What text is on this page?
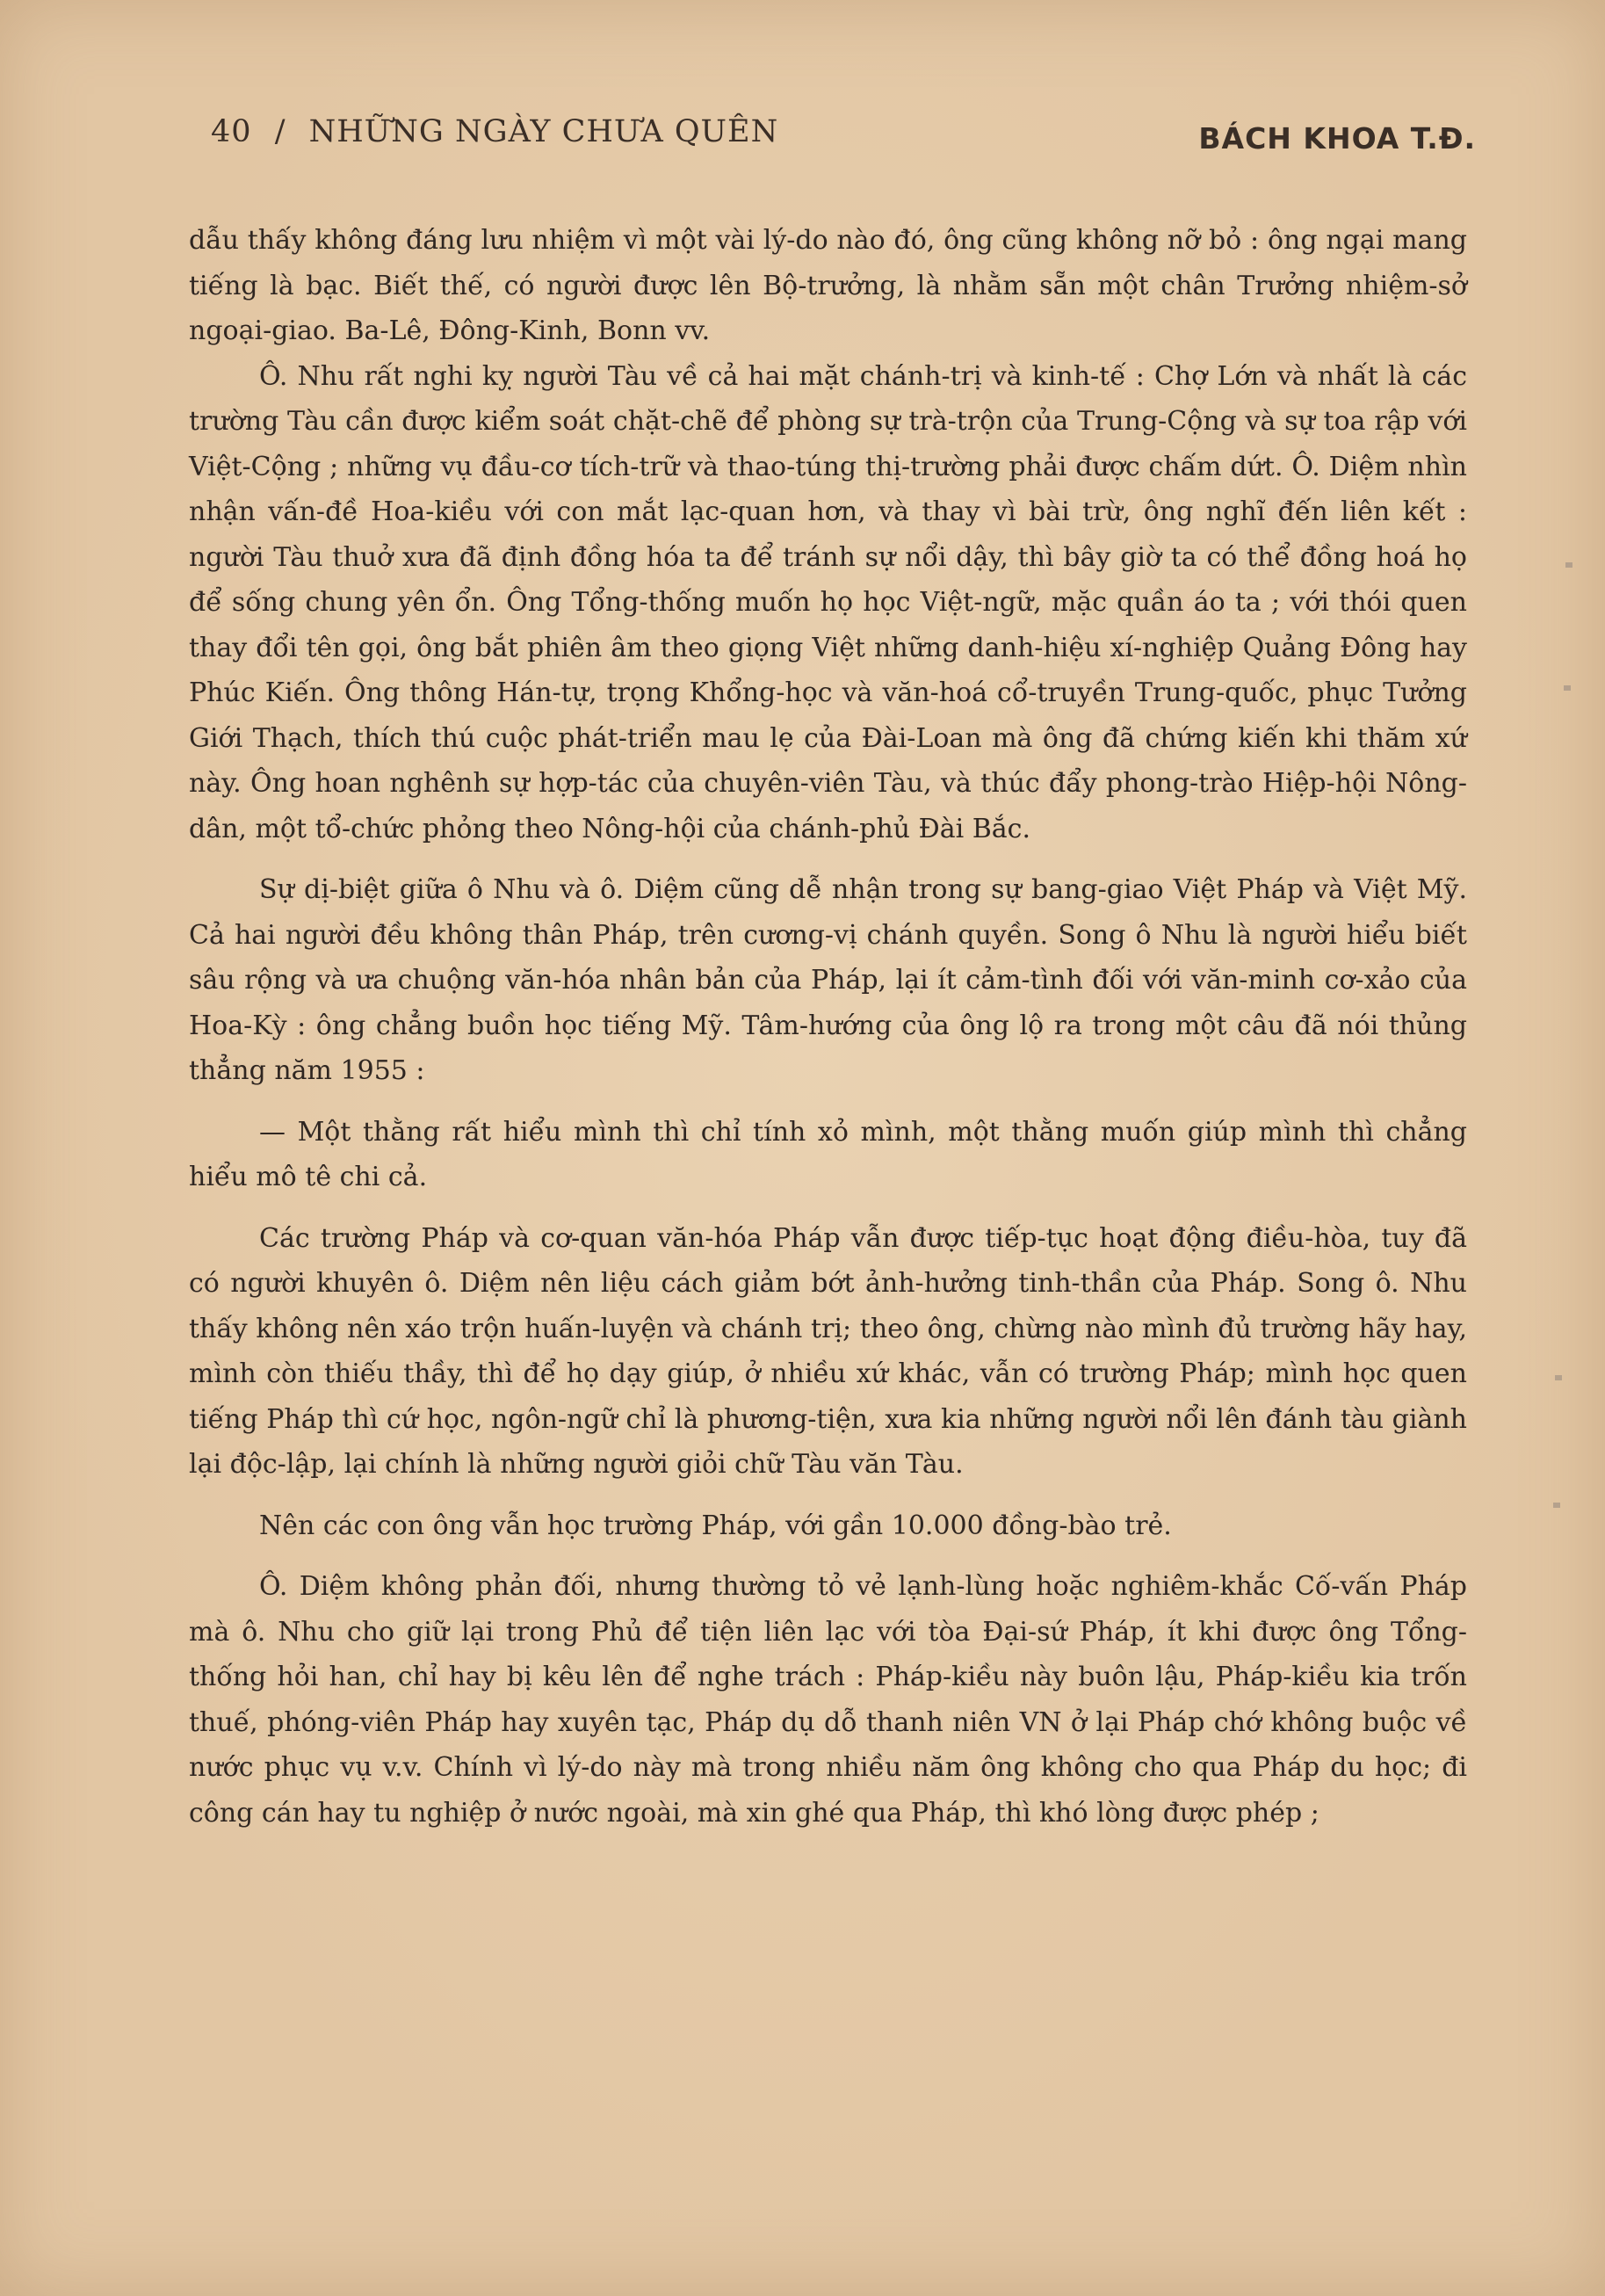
40 / NHỮNG NGÀY CHƯA QUÊN	BÁCH KHOA T.Đ.

dẫu thấy không đáng lưu nhiệm vì một vài lý-do nào đó, ông cũng không nỡ bỏ : ông ngại mang tiếng là bạc. Biết thế, có người được lên Bộ-trưởng, là nhằm sẵn một chân Trưởng nhiệm-sở ngoại-giao. Ba-Lê, Đông-Kinh, Bonn vv.

Ô. Nhu rất nghi kỵ người Tàu về cả hai mặt chánh-trị và kinh-tế : Chợ Lớn và nhất là các trường Tàu cần được kiểm soát chặt-chẽ để phòng sự trà-trộn của Trung-Cộng và sự toa rập với Việt-Cộng ; những vụ đầu-cơ tích-trữ và thao-túng thị-trường phải được chấm dứt. Ô. Diệm nhìn nhận vấn-đề Hoa-kiều với con mắt lạc-quan hơn, và thay vì bài trừ, ông nghĩ đến liên kết : người Tàu thuở xưa đã định đồng hóa ta để tránh sự nổi dậy, thì bây giờ ta có thể đồng hoá họ để sống chung yên ổn. Ông Tổng-thống muốn họ học Việt-ngữ, mặc quần áo ta ; với thói quen thay đổi tên gọi, ông bắt phiên âm theo giọng Việt những danh-hiệu xí-nghiệp Quảng Đông hay Phúc Kiến. Ông thông Hán-tự, trọng Khổng-học và văn-hoá cổ-truyền Trung-quốc, phục Tưởng Giới Thạch, thích thú cuộc phát-triển mau lẹ của Đài-Loan mà ông đã chứng kiến khi thăm xứ này. Ông hoan nghênh sự hợp-tác của chuyên-viên Tàu, và thúc đẩy phong-trào Hiệp-hội Nông-dân, một tổ-chức phỏng theo Nông-hội của chánh-phủ Đài Bắc.

Sự dị-biệt giữa ô Nhu và ô. Diệm cũng dễ nhận trong sự bang-giao Việt Pháp và Việt Mỹ. Cả hai người đều không thân Pháp, trên cương-vị chánh quyền. Song ô Nhu là người hiểu biết sâu rộng và ưa chuộng văn-hóa nhân bản của Pháp, lại ít cảm-tình đối với văn-minh cơ-xảo của Hoa-Kỳ : ông chẳng buồn học tiếng Mỹ. Tâm-hướng của ông lộ ra trong một câu đã nói thủng thẳng năm 1955 :

— Một thằng rất hiểu mình thì chỉ tính xỏ mình, một thằng muốn giúp mình thì chẳng hiểu mô tê chi cả.

Các trường Pháp và cơ-quan văn-hóa Pháp vẫn được tiếp-tục hoạt động điều-hòa, tuy đã có người khuyên ô. Diệm nên liệu cách giảm bớt ảnh-hưởng tinh-thần của Pháp. Song ô. Nhu thấy không nên xáo trộn huấn-luyện và chánh trị; theo ông, chừng nào mình đủ trường hãy hay, mình còn thiếu thầy, thì để họ dạy giúp, ở nhiều xứ khác, vẫn có trường Pháp; mình học quen tiếng Pháp thì cứ học, ngôn-ngữ chỉ là phương-tiện, xưa kia những người nổi lên đánh tàu giành lại độc-lập, lại chính là những người giỏi chữ Tàu văn Tàu.

Nên các con ông vẫn học trường Pháp, với gần 10.000 đồng-bào trẻ.

Ô. Diệm không phản đối, nhưng thường tỏ vẻ lạnh-lùng hoặc nghiêm-khắc Cố-vấn Pháp mà ô. Nhu cho giữ lại trong Phủ để tiện liên lạc với tòa Đại-sứ Pháp, ít khi được ông Tổng-thống hỏi han, chỉ hay bị kêu lên để nghe trách : Pháp-kiều này buôn lậu, Pháp-kiều kia trốn thuế, phóng-viên Pháp hay xuyên tạc, Pháp dụ dỗ thanh niên VN ở lại Pháp chớ không buộc về nước phục vụ v.v. Chính vì lý-do này mà trong nhiều năm ông không cho qua Pháp du học; đi công cán hay tu nghiệp ở nước ngoài, mà xin ghé qua Pháp, thì khó lòng được phép ;
